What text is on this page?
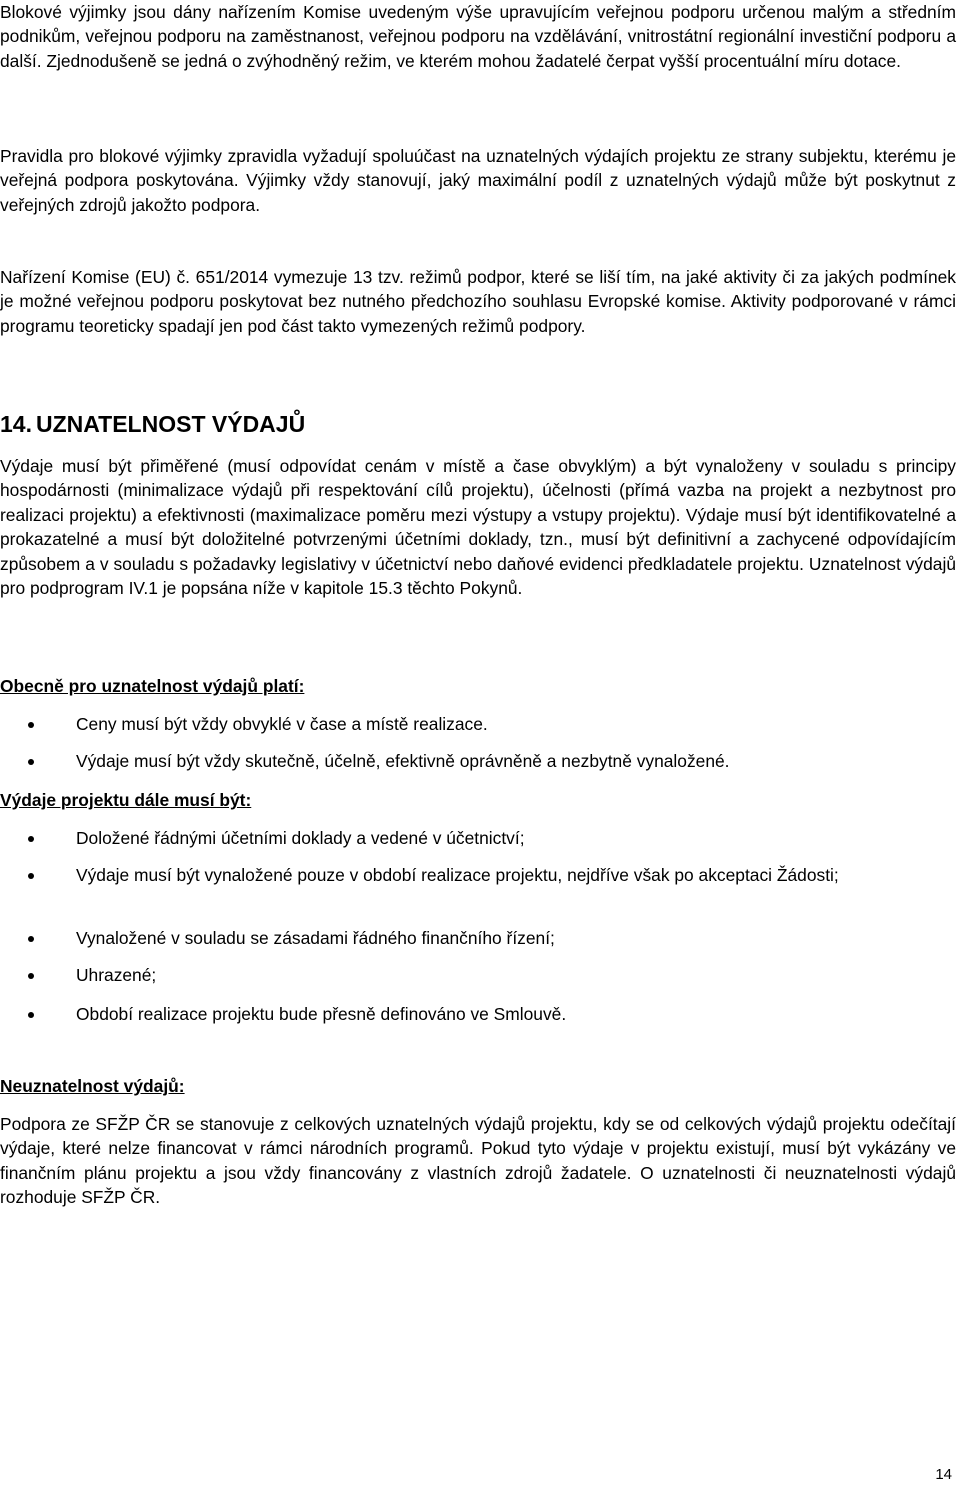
Blokové výjimky jsou dány nařízením Komise uvedeným výše upravujícím veřejnou podporu určenou malým a středním podnikům, veřejnou podporu na zaměstnanost, veřejnou podporu na vzdělávání, vnitrostátní regionální investiční podporu a další. Zjednodušeně se jedná o zvýhodněný režim, ve kterém mohou žadatelé čerpat vyšší procentuální míru dotace.

Pravidla pro blokové výjimky zpravidla vyžadují spoluúčast na uznatelných výdajích projektu ze strany subjektu, kterému je veřejná podpora poskytována. Výjimky vždy stanovují, jaký maximální podíl z uznatelných výdajů může být poskytnut z veřejných zdrojů jakožto podpora.

Nařízení Komise (EU) č. 651/2014 vymezuje 13 tzv. režimů podpor, které se liší tím, na jaké aktivity či za jakých podmínek je možné veřejnou podporu poskytovat bez nutného předchozího souhlasu Evropské komise. Aktivity podporované v rámci programu teoreticky spadají jen pod část takto vymezených režimů podpory.

14. UZNATELNOST VÝDAJŮ

Výdaje musí být přiměřené (musí odpovídat cenám v místě a čase obvyklým) a být vynaloženy v souladu s principy hospodárnosti (minimalizace výdajů při respektování cílů projektu), účelnosti (přímá vazba na projekt a nezbytnost pro realizaci projektu) a efektivnosti (maximalizace poměru mezi výstupy a vstupy projektu). Výdaje musí být identifikovatelné a prokazatelné a musí být doložitelné potvrzenými účetními doklady, tzn., musí být definitivní a zachycené odpovídajícím způsobem a v souladu s požadavky legislativy v účetnictví nebo daňové evidenci předkladatele projektu. Uznatelnost výdajů pro podprogram IV.1 je popsána níže v kapitole 15.3 těchto Pokynů.

Obecně pro uznatelnost výdajů platí:
Ceny musí být vždy obvyklé v čase a místě realizace.
Výdaje musí být vždy skutečně, účelně, efektivně oprávněně a nezbytně vynaložené.
Výdaje projektu dále musí být:
Doložené řádnými účetními doklady a vedené v účetnictví;
Výdaje musí být vynaložené pouze v období realizace projektu, nejdříve však po akceptaci Žádosti;
Vynaložené v souladu se zásadami řádného finančního řízení;
Uhrazené;
Období realizace projektu bude přesně definováno ve Smlouvě.
Neuznatelnost výdajů:

Podpora ze SFŽP ČR se stanovuje z celkových uznatelných výdajů projektu, kdy se od celkových výdajů projektu odečítají výdaje, které nelze financovat v rámci národních programů. Pokud tyto výdaje v projektu existují, musí být vykázány ve finančním plánu projektu a jsou vždy financovány z vlastních zdrojů žadatele. O uznatelnosti či neuznatelnosti výdajů rozhoduje SFŽP ČR.

14
